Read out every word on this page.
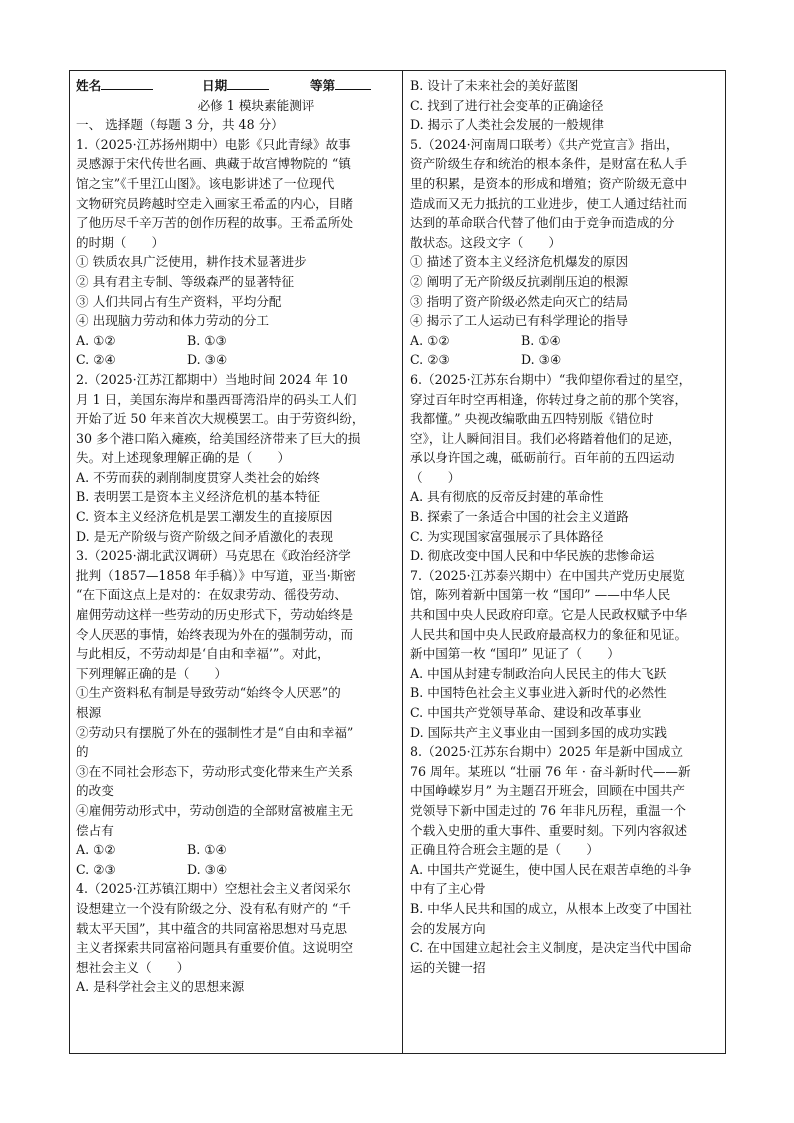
姓名	日期	等第

必修 1 模块素能测评

一、 选择题（每题 3 分，共 48 分）

1.（2025·江苏扬州期中）电影《只此青绿》故事

灵感源于宋代传世名画、典藏于故宫博物院的 “镇

馆之宝”《千里江山图》。该电影讲述了一位现代

文物研究员跨越时空走入画家王希孟的内心，目睹

了他历尽千辛万苦的创作历程的故事。王希孟所处

的时期（　　）

① 铁质农具广泛使用，耕作技术显著进步

② 具有君主专制、等级森严的显著特征

③ 人们共同占有生产资料，平均分配

④ 出现脑力劳动和体力劳动的分工

A. ①②	B. ①③

C. ②④	D. ③④

2.（2025·江苏江都期中）当地时间 2024 年 10

月 1 日，美国东海岸和墨西哥湾沿岸的码头工人们

开始了近 50 年来首次大规模罢工。由于劳资纠纷，

30 多个港口陷入瘫痪，给美国经济带来了巨大的损

失。对上述现象理解正确的是（　　）

A. 不劳而获的剥削制度贯穿人类社会的始终

B. 表明罢工是资本主义经济危机的基本特征

C. 资本主义经济危机是罢工潮发生的直接原因

D. 是无产阶级与资产阶级之间矛盾激化的表现

3.（2025·湖北武汉调研）马克思在《政治经济学

批判（1857—1858 年手稿）》中写道，亚当·斯密

“在下面这点上是对的：在奴隶劳动、徭役劳动、

雇佣劳动这样一些劳动的历史形式下，劳动始终是

令人厌恶的事情，始终表现为外在的强制劳动，而

与此相反，不劳动却是‘自由和幸福’”。对此，

下列理解正确的是（　　）

①生产资料私有制是导致劳动“始终令人厌恶”的

根源

②劳动只有摆脱了外在的强制性才是“自由和幸福”

的

③在不同社会形态下，劳动形式变化带来生产关系

的改变

④雇佣劳动形式中，劳动创造的全部财富被雇主无

偿占有

A. ①②	B. ①④

C. ②③	D. ③④

4.（2025·江苏镇江期中）空想社会主义者闵采尔

设想建立一个没有阶级之分、没有私有财产的 “千

载太平天国”，其中蕴含的共同富裕思想对马克思

主义者探索共同富裕问题具有重要价值。这说明空

想社会主义（　　）

A. 是科学社会主义的思想来源

B. 设计了未来社会的美好蓝图

C. 找到了进行社会变革的正确途径

D. 揭示了人类社会发展的一般规律

5.（2024·河南周口联考）《共产党宣言》指出，

资产阶级生存和统治的根本条件，是财富在私人手

里的积累，是资本的形成和增殖；资产阶级无意中

造成而又无力抵抗的工业进步，使工人通过结社而

达到的革命联合代替了他们由于竞争而造成的分

散状态。这段文字（　　）

① 描述了资本主义经济危机爆发的原因

② 阐明了无产阶级反抗剥削压迫的根源

③ 指明了资产阶级必然走向灭亡的结局

④ 揭示了工人运动已有科学理论的指导

A. ①②	B. ①④

C. ②③	D. ③④

6.（2025·江苏东台期中）“我仰望你看过的星空，

穿过百年时空再相逢，你转过身之前的那个笑容，

我都懂。” 央视改编歌曲五四特别版《错位时

空》，让人瞬间泪目。我们必将踏着他们的足迹，

承以身许国之魂，砥砺前行。百年前的五四运动

（　　）

A. 具有彻底的反帝反封建的革命性

B. 探索了一条适合中国的社会主义道路

C. 为实现国家富强展示了具体路径

D. 彻底改变中国人民和中华民族的悲惨命运

7.（2025·江苏泰兴期中）在中国共产党历史展览

馆，陈列着新中国第一枚 “国印” ——中华人民

共和国中央人民政府印章。它是人民政权赋予中华

人民共和国中央人民政府最高权力的象征和见证。

新中国第一枚 “国印” 见证了（　　）

A. 中国从封建专制政治向人民民主的伟大飞跃

B. 中国特色社会主义事业进入新时代的必然性

C. 中国共产党领导革命、建设和改革事业

D. 国际共产主义事业由一国到多国的成功实践

8.（2025·江苏东台期中）2025 年是新中国成立

76 周年。某班以 “壮丽 76 年 · 奋斗新时代——新

中国峥嵘岁月” 为主题召开班会，回顾在中国共产

党领导下新中国走过的 76 年非凡历程，重温一个

个载入史册的重大事件、重要时刻。下列内容叙述

正确且符合班会主题的是（　　）

A. 中国共产党诞生，使中国人民在艰苦卓绝的斗争

中有了主心骨

B. 中华人民共和国的成立，从根本上改变了中国社

会的发展方向

C. 在中国建立起社会主义制度，是决定当代中国命

运的关键一招
